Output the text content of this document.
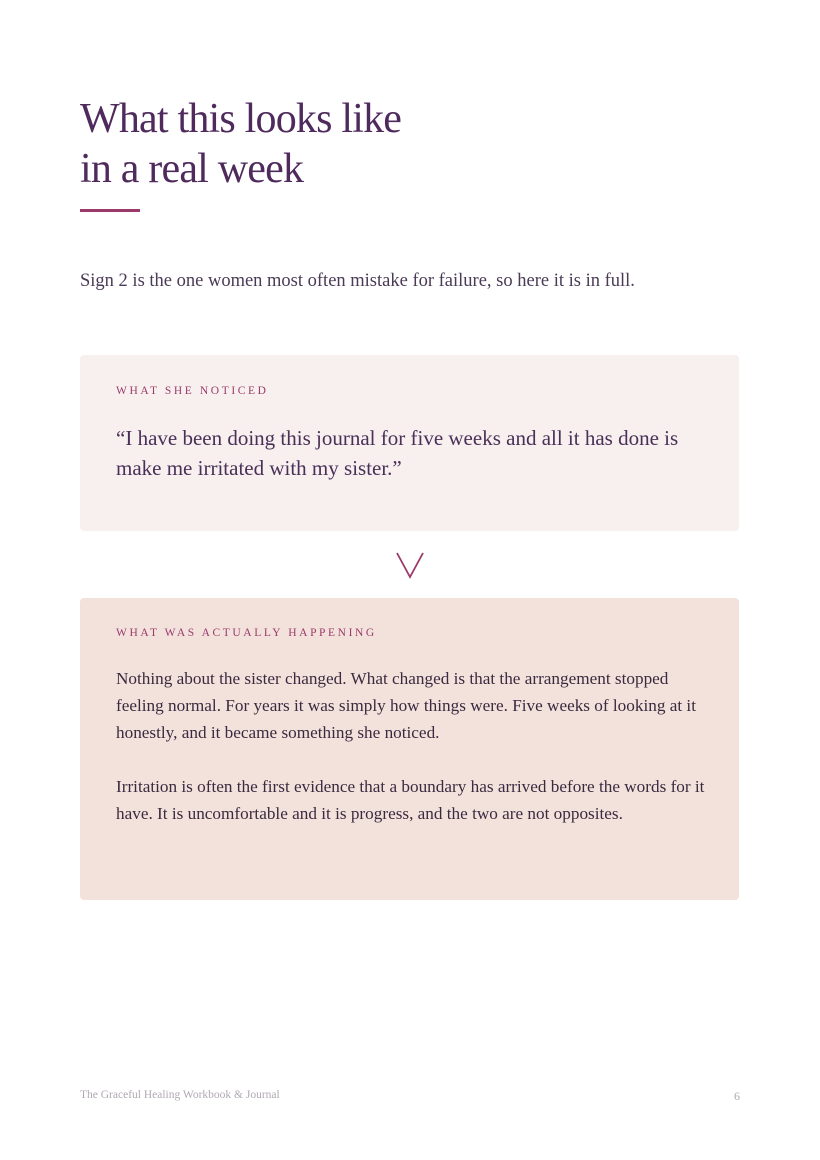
What this looks like
in a real week

Sign 2 is the one women most often mistake for failure, so here it is in full.

WHAT SHE NOTICED

“I have been doing this journal for five weeks and all it has done is make me irritated with my sister.”

WHAT WAS ACTUALLY HAPPENING

Nothing about the sister changed. What changed is that the arrangement stopped feeling normal. For years it was simply how things were. Five weeks of looking at it honestly, and it became something she noticed.

Irritation is often the first evidence that a boundary has arrived before the words for it have. It is uncomfortable and it is progress, and the two are not opposites.

The Graceful Healing Workbook & Journal	6
